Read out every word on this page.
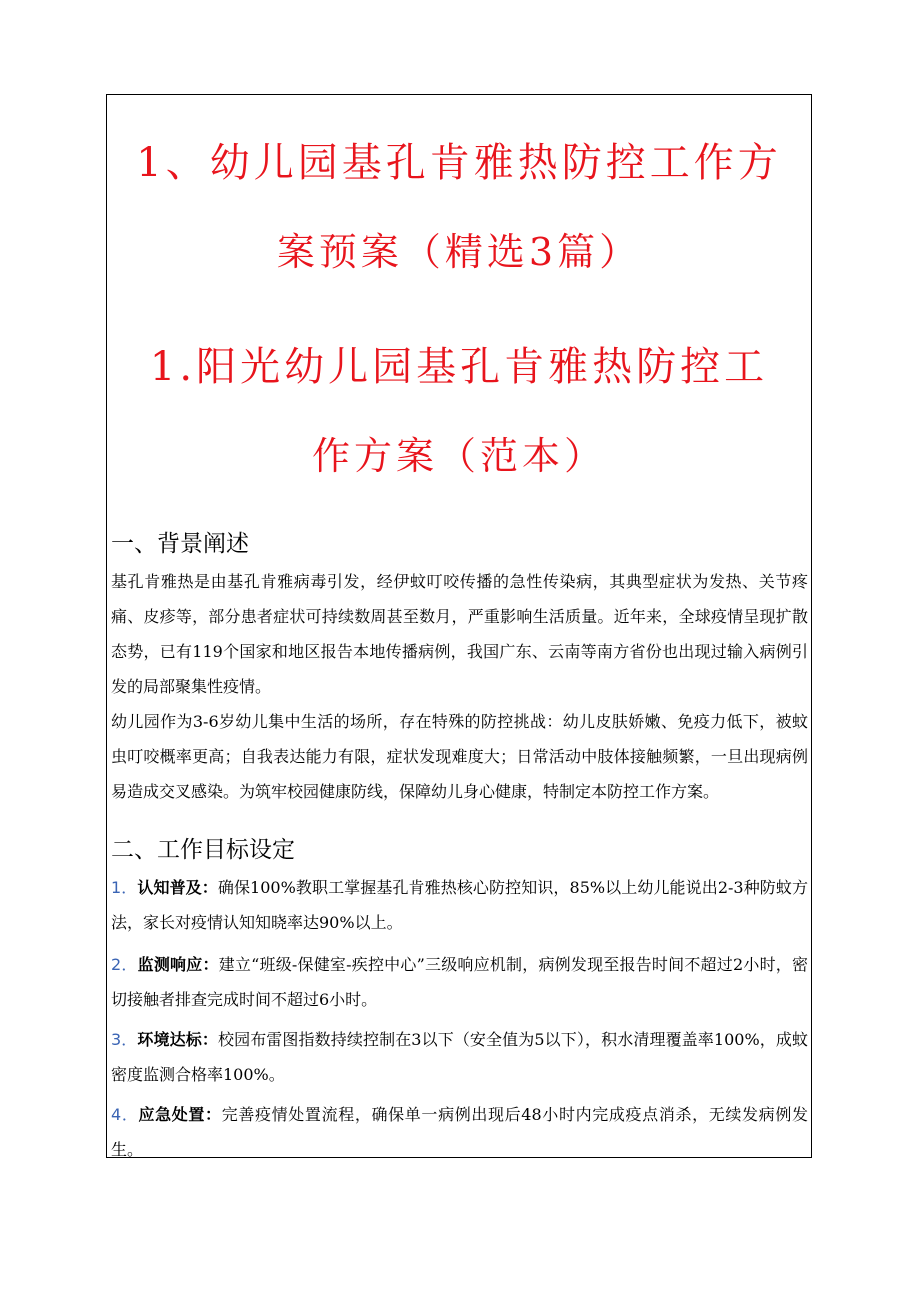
1、幼儿园基孔肯雅热防控工作方
案预案（精选3篇）
1.阳光幼儿园基孔肯雅热防控工
作方案（范本）
一、背景阐述

基孔肯雅热是由基孔肯雅病毒引发，经伊蚊叮咬传播的急性传染病，其典型症状为发热、关节疼痛、皮疹等，部分患者症状可持续数周甚至数月，严重影响生活质量。近年来，全球疫情呈现扩散态势，已有119个国家和地区报告本地传播病例，我国广东、云南等南方省份也出现过输入病例引发的局部聚集性疫情。

幼儿园作为3-6岁幼儿集中生活的场所，存在特殊的防控挑战：幼儿皮肤娇嫩、免疫力低下，被蚊虫叮咬概率更高；自我表达能力有限，症状发现难度大；日常活动中肢体接触频繁，一旦出现病例易造成交叉感染。为筑牢校园健康防线，保障幼儿身心健康，特制定本防控工作方案。

二、工作目标设定

1．认知普及：确保100%教职工掌握基孔肯雅热核心防控知识，85%以上幼儿能说出2-3种防蚊方法，家长对疫情认知知晓率达90%以上。

2．监测响应：建立“班级-保健室-疾控中心”三级响应机制，病例发现至报告时间不超过2小时，密切接触者排查完成时间不超过6小时。

3．环境达标：校园布雷图指数持续控制在3以下（安全值为5以下），积水清理覆盖率100%，成蚊密度监测合格率100%。

4．应急处置：完善疫情处置流程，确保单一病例出现后48小时内完成疫点消杀，无续发病例发生。
